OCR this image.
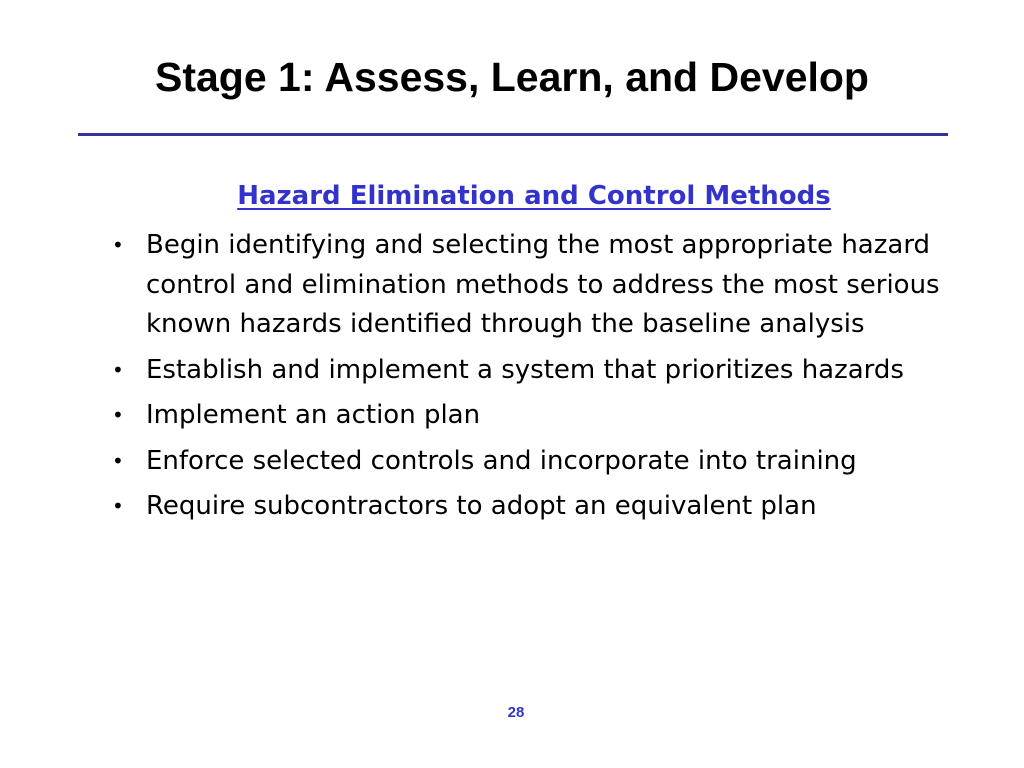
Stage 1: Assess, Learn, and Develop
Hazard Elimination and Control Methods
• Begin identifying and selecting the most appropriate hazard control and elimination methods to address the most serious known hazards identified through the baseline analysis
• Establish and implement a system that prioritizes hazards
• Implement an action plan
• Enforce selected controls and incorporate into training
• Require subcontractors to adopt an equivalent plan
28
